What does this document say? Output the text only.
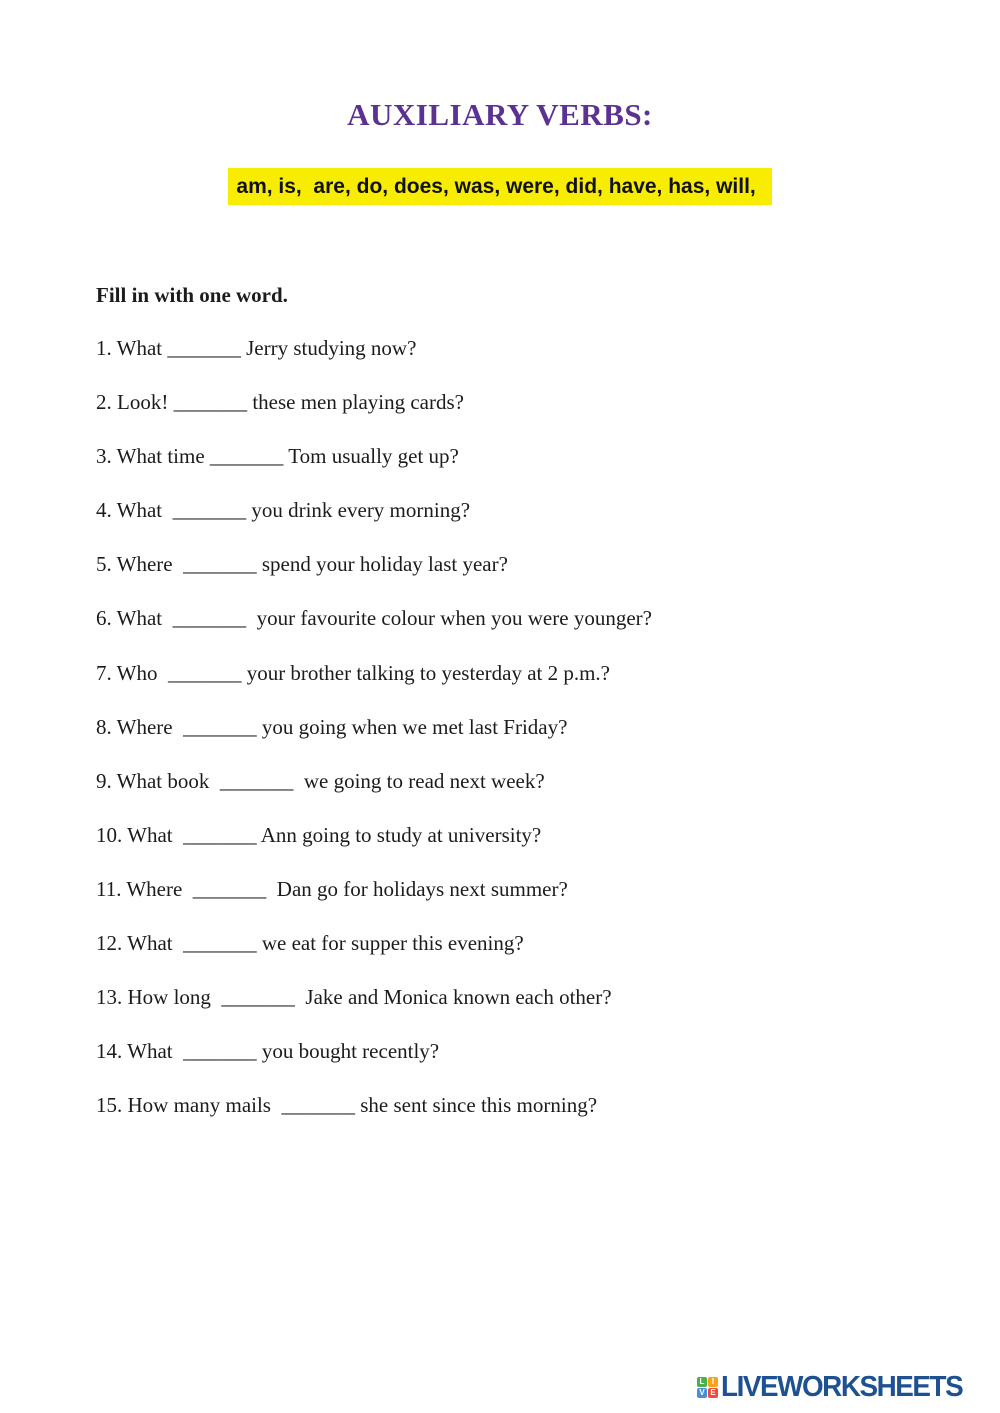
AUXILIARY VERBS:
am, is,  are, do, does, was, were, did, have, has, will,
Fill in with one word.
1. What _______ Jerry studying now?
2. Look! _______ these men playing cards?
3. What time _______ Tom usually get up?
4. What  _______ you drink every morning?
5. Where  _______ spend your holiday last year?
6. What  _______  your favourite colour when you were younger?
7. Who  _______ your brother talking to yesterday at 2 p.m.?
8. Where  _______ you going when we met last Friday?
9. What book  _______  we going to read next week?
10. What  _______ Ann going to study at university?
11. Where  _______  Dan go for holidays next summer?
12. What  _______ we eat for supper this evening?
13. How long  _______  Jake and Monica known each other?
14. What  _______ you bought recently?
15. How many mails  _______ she sent since this morning?
L I
V E LIVEWORKSHEETS
